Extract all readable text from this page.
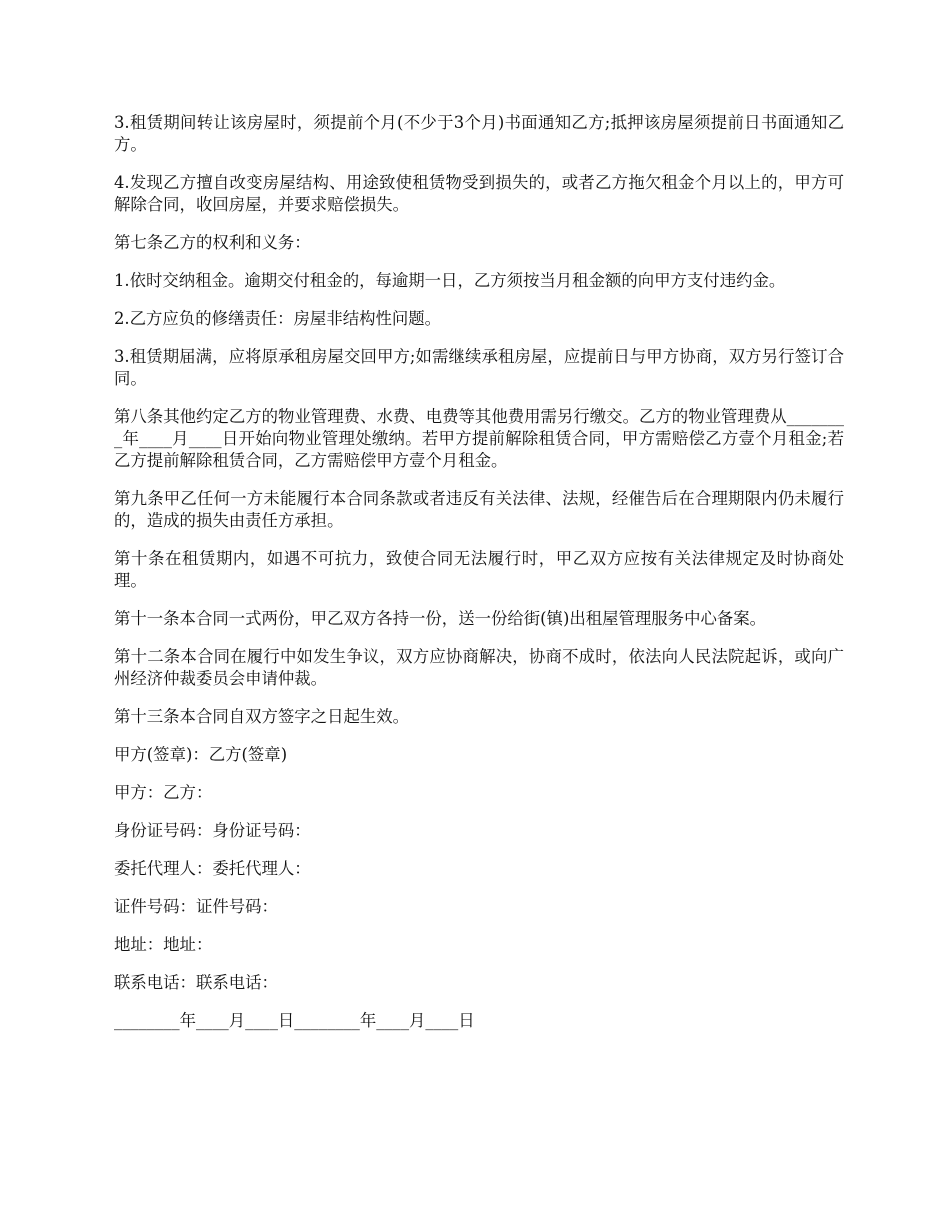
3.租赁期间转让该房屋时，须提前个月(不少于3个月)书面通知乙方;抵押该房屋须提前日书面通知乙方。

4.发现乙方擅自改变房屋结构、用途致使租赁物受到损失的，或者乙方拖欠租金个月以上的，甲方可解除合同，收回房屋，并要求赔偿损失。

第七条乙方的权利和义务：

1.依时交纳租金。逾期交付租金的，每逾期一日，乙方须按当月租金额的向甲方支付违约金。

2.乙方应负的修缮责任：房屋非结构性问题。

3.租赁期届满，应将原承租房屋交回甲方;如需继续承租房屋，应提前日与甲方协商，双方另行签订合同。

第八条其他约定乙方的物业管理费、水费、电费等其他费用需另行缴交。乙方的物业管理费从________年____月____日开始向物业管理处缴纳。若甲方提前解除租赁合同，甲方需赔偿乙方壹个月租金;若乙方提前解除租赁合同，乙方需赔偿甲方壹个月租金。

第九条甲乙任何一方未能履行本合同条款或者违反有关法律、法规，经催告后在合理期限内仍未履行的，造成的损失由责任方承担。

第十条在租赁期内，如遇不可抗力，致使合同无法履行时，甲乙双方应按有关法律规定及时协商处理。

第十一条本合同一式两份，甲乙双方各持一份，送一份给街(镇)出租屋管理服务中心备案。

第十二条本合同在履行中如发生争议，双方应协商解决，协商不成时，依法向人民法院起诉，或向广州经济仲裁委员会申请仲裁。

第十三条本合同自双方签字之日起生效。

甲方(签章)：乙方(签章)

甲方：乙方：

身份证号码：身份证号码：

委托代理人：委托代理人：

证件号码：证件号码：

地址：地址：

联系电话：联系电话：

________年____月____日________年____月____日
